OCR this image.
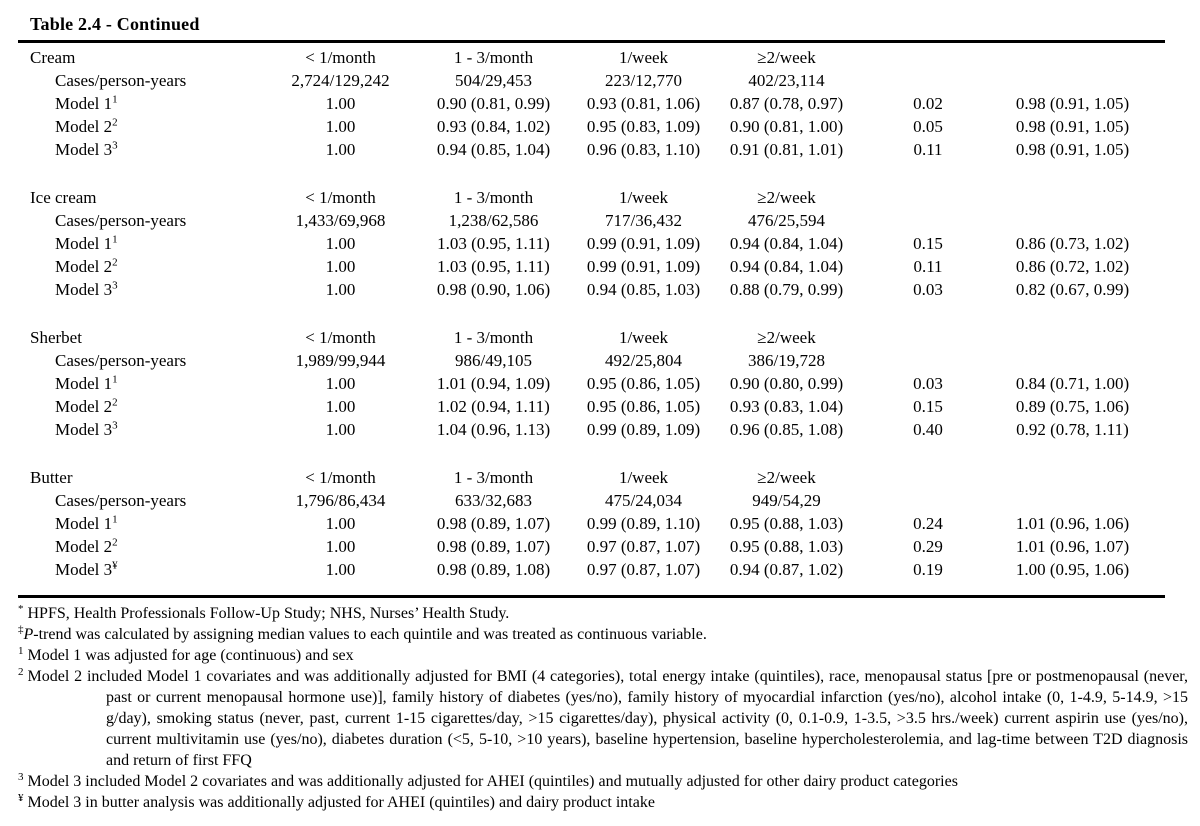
Table 2.4 - Continued
Cream	< 1/month	1 - 3/month	1/week	≥2/week
Cases/person-years	2,724/129,242	504/29,453	223/12,770	402/23,114
Model $1^1$	1.00	0.90 (0.81, 0.99)	0.93 (0.81, 1.06)	0.87 (0.78, 0.97)	0.02	0.98 (0.91, 1.05)
Model $2^2$	1.00	0.93 (0.84, 1.02)	0.95 (0.83, 1.09)	0.90 (0.81, 1.00)	0.05	0.98 (0.91, 1.05)
Model $3^3$	1.00	0.94 (0.85, 1.04)	0.96 (0.83, 1.10)	0.91 (0.81, 1.01)	0.11	0.98 (0.91, 1.05)
Ice cream	< 1/month	1 - 3/month	1/week	≥2/week
Cases/person-years	1,433/69,968	1,238/62,586	717/36,432	476/25,594
Model $1^1$	1.00	1.03 (0.95, 1.11)	0.99 (0.91, 1.09)	0.94 (0.84, 1.04)	0.15	0.86 (0.73, 1.02)
Model $2^2$	1.00	1.03 (0.95, 1.11)	0.99 (0.91, 1.09)	0.94 (0.84, 1.04)	0.11	0.86 (0.72, 1.02)
Model $3^3$	1.00	0.98 (0.90, 1.06)	0.94 (0.85, 1.03)	0.88 (0.79, 0.99)	0.03	0.82 (0.67, 0.99)
Sherbet	< 1/month	1 - 3/month	1/week	≥2/week
Cases/person-years	1,989/99,944	986/49,105	492/25,804	386/19,728
Model $1^1$	1.00	1.01 (0.94, 1.09)	0.95 (0.86, 1.05)	0.90 (0.80, 0.99)	0.03	0.84 (0.71, 1.00)
Model $2^2$	1.00	1.02 (0.94, 1.11)	0.95 (0.86, 1.05)	0.93 (0.83, 1.04)	0.15	0.89 (0.75, 1.06)
Model $3^3$	1.00	1.04 (0.96, 1.13)	0.99 (0.89, 1.09)	0.96 (0.85, 1.08)	0.40	0.92 (0.78, 1.11)
Butter	< 1/month	1 - 3/month	1/week	≥2/week
Cases/person-years	1,796/86,434	633/32,683	475/24,034	949/54,29
Model $1^1$	1.00	0.98 (0.89, 1.07)	0.99 (0.89, 1.10)	0.95 (0.88, 1.03)	0.24	1.01 (0.96, 1.06)
Model $2^2$	1.00	0.98 (0.89, 1.07)	0.97 (0.87, 1.07)	0.95 (0.88, 1.03)	0.29	1.01 (0.96, 1.07)
Model 3¥	1.00	0.98 (0.89, 1.08)	0.97 (0.87, 1.07)	0.94 (0.87, 1.02)	0.19	1.00 (0.95, 1.06)

* HPFS, Health Professionals Follow-Up Study; NHS, Nurses’ Health Study.

‡P-trend was calculated by assigning median values to each quintile and was treated as continuous variable.

$^1$ Model 1 was adjusted for age (continuous) and sex

$^2$ Model 2 included Model 1 covariates and was additionally adjusted for BMI (4 categories), total energy intake (quintiles), race, menopausal status [pre or postmenopausal (never, past or current menopausal hormone use)], family history of diabetes (yes/no), family history of myocardial infarction (yes/no), alcohol intake (0, 1-4.9, 5-14.9, >15 g/day), smoking status (never, past, current 1-15 cigarettes/day, >15 cigarettes/day), physical activity (0, 0.1-0.9, 1-3.5, >3.5 hrs./week) current aspirin use (yes/no), current multivitamin use (yes/no), diabetes duration (<5, 5-10, >10 years), baseline hypertension, baseline hypercholesterolemia, and lag-time between T2D diagnosis and return of first FFQ

$^3$ Model 3 included Model 2 covariates and was additionally adjusted for AHEI (quintiles) and mutually adjusted for other dairy product categories

¥ Model 3 in butter analysis was additionally adjusted for AHEI (quintiles) and dairy product intake
